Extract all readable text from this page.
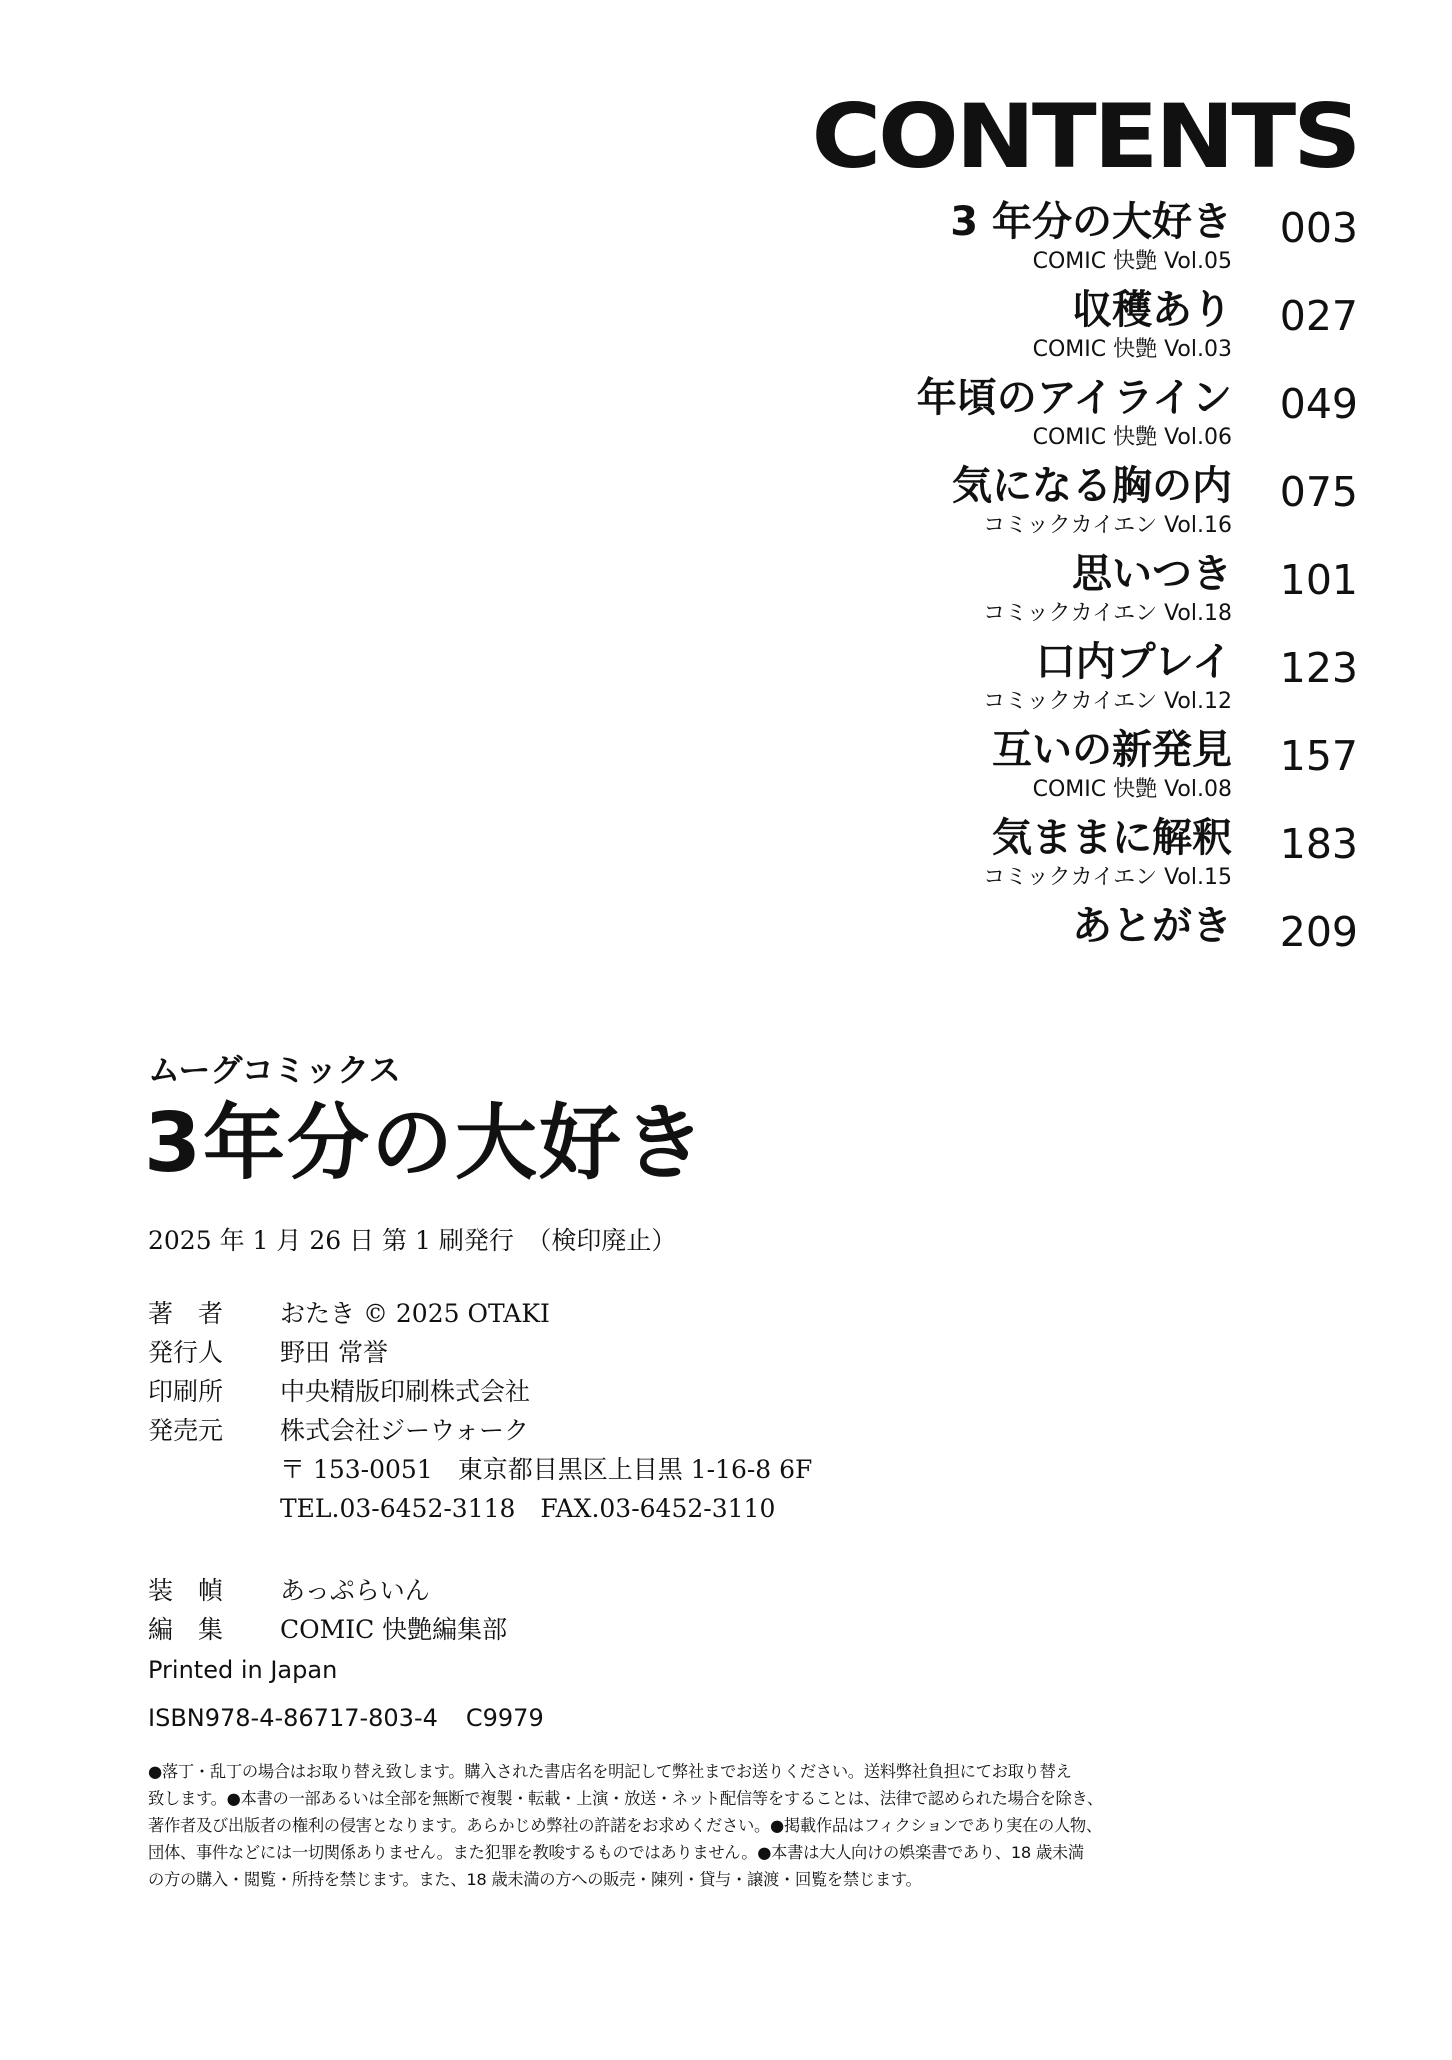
CONTENTS
3 年分の大好き 003
COMIC 快艶 Vol.05
収穫あり 027
COMIC 快艶 Vol.03
年頃のアイライン 049
COMIC 快艶 Vol.06
気になる胸の内 075
コミックカイエン Vol.16
思いつき 101
コミックカイエン Vol.18
口内プレイ 123
コミックカイエン Vol.12
互いの新発見 157
COMIC 快艶 Vol.08
気ままに解釈 183
コミックカイエン Vol.15
あとがき 209
ムーグコミックス
3年分の大好き
2025 年 1 月 26 日 第 1 刷発行　（検印廃止）
著　者	おたき © 2025 OTAKI
発行人	野田 常誉
印刷所	中央精版印刷株式会社
発売元	株式会社ジーウォーク
〒 153-0051　東京都目黒区上目黒 1-16-8 6F
TEL.03-6452-3118　FAX.03-6452-3110
装　幀	あっぷらいん
編　集	COMIC 快艶編集部
Printed in Japan
ISBN978-4-86717-803-4 C9979
●落丁・乱丁の場合はお取り替え致します。購入された書店名を明記して弊社までお送りください。送料弊社負担にてお取り替え
致します。●本書の一部あるいは全部を無断で複製・転載・上演・放送・ネット配信等をすることは、法律で認められた場合を除き、
著作者及び出版者の権利の侵害となります。あらかじめ弊社の許諾をお求めください。●掲載作品はフィクションであり実在の人物、
団体、事件などには一切関係ありません。また犯罪を教唆するものではありません。●本書は大人向けの娯楽書であり、18 歳未満
の方の購入・閲覧・所持を禁じます。また、18 歳未満の方への販売・陳列・貸与・譲渡・回覧を禁じます。
